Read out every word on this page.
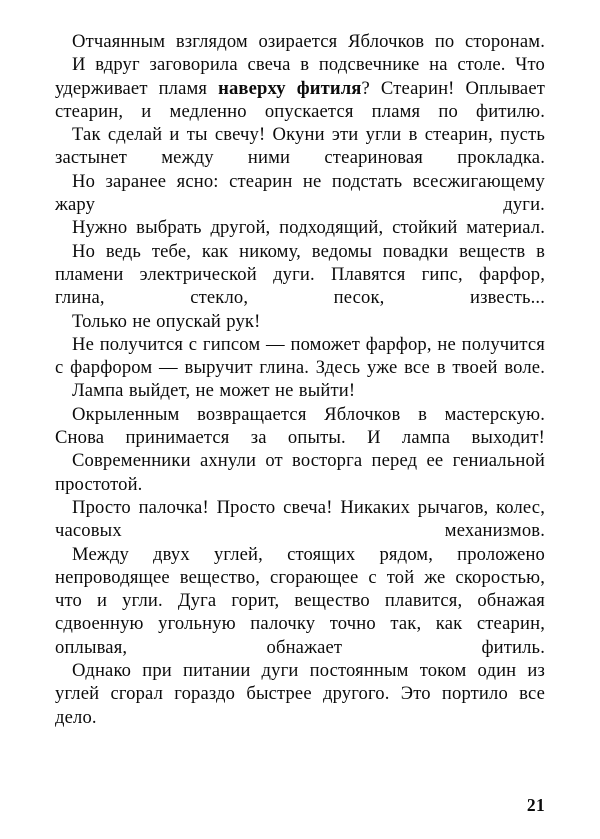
Отчаянным взглядом озирается Яблочков по сторонам.

И вдруг заговорила свеча в подсвечнике на столе. Что удерживает пламя наверху фитиля? Стеарин! Оплывает стеарин, и медленно опускается пламя по фитилю.

Так сделай и ты свечу! Окуни эти угли в стеарин, пусть застынет между ними стеариновая прокладка.

Но заранее ясно: стеарин не подстать всесжигающему жару дуги.

Нужно выбрать другой, подходящий, стойкий материал.

Но ведь тебе, как никому, ведомы повадки веществ в пламени электрической дуги. Плавятся гипс, фарфор, глина, стекло, песок, известь...

Только не опускай рук!

Не получится с гипсом — поможет фарфор, не получится с фарфором — выручит глина. Здесь уже все в твоей воле.

Лампа выйдет, не может не выйти!

Окрыленным возвращается Яблочков в мастерскую. Снова принимается за опыты. И лампа выходит!

Современники ахнули от восторга перед ее гениальной простотой.

Просто палочка! Просто свеча! Никаких рычагов, колес, часовых механизмов.

Между двух углей, стоящих рядом, проложено непроводящее вещество, сгорающее с той же скоростью, что и угли. Дуга горит, вещество плавится, обнажая сдвоенную угольную палочку точно так, как стеарин, оплывая, обнажает фитиль.

Однако при питании дуги постоянным током один из углей сгорал гораздо быстрее другого. Это портило все дело.

21
